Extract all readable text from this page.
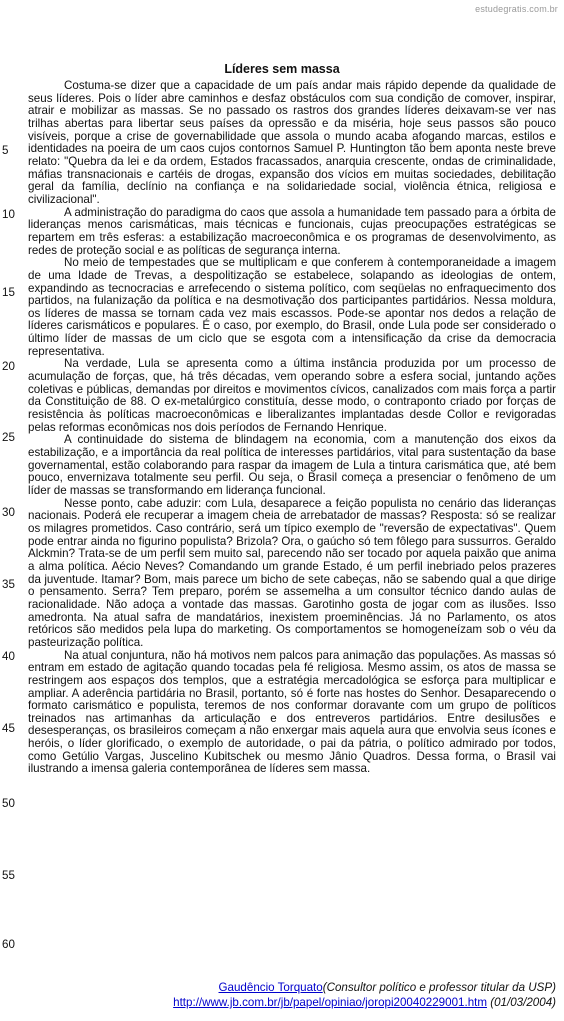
estudegratis.com.br
Líderes sem massa
5
10
15
20
25
30
35
40
45
50
55
60

Costuma-se dizer que a capacidade de um país andar mais rápido depende da qualidade de seus líderes. Pois o líder abre caminhos e desfaz obstáculos com sua condição de comover, inspirar, atrair e mobilizar as massas. Se no passado os rastros dos grandes líderes deixavam-se ver nas trilhas abertas para libertar seus países da opressão e da miséria, hoje seus passos são pouco visíveis, porque a crise de governabilidade que assola o mundo acaba afogando marcas, estilos e identidades na poeira de um caos cujos contornos Samuel P. Huntington tão bem aponta neste breve relato: "Quebra da lei e da ordem, Estados fracassados, anarquia crescente, ondas de criminalidade, máfias transnacionais e cartéis de drogas, expansão dos vícios em muitas sociedades, debilitação geral da família, declínio na confiança e na solidariedade social, violência étnica, religiosa e civilizacional".

A administração do paradigma do caos que assola a humanidade tem passado para a órbita de lideranças menos carismáticas, mais técnicas e funcionais, cujas preocupações estratégicas se repartem em três esferas: a estabilização macroeconômica e os programas de desenvolvimento, as redes de proteção social e as políticas de segurança interna.

No meio de tempestades que se multiplicam e que conferem à contemporaneidade a imagem de uma Idade de Trevas, a despolitização se estabelece, solapando as ideologias de ontem, expandindo as tecnocracias e arrefecendo o sistema político, com seqüelas no enfraquecimento dos partidos, na fulanização da política e na desmotivação dos participantes partidários. Nessa moldura, os líderes de massa se tornam cada vez mais escassos. Pode-se apontar nos dedos a relação de líderes carismáticos e populares. É o caso, por exemplo, do Brasil, onde Lula pode ser considerado o último líder de massas de um ciclo que se esgota com a intensificação da crise da democracia representativa.

Na verdade, Lula se apresenta como a última instância produzida por um processo de acumulação de forças, que, há três décadas, vem operando sobre a esfera social, juntando ações coletivas e públicas, demandas por direitos e movimentos cívicos, canalizados com mais força a partir da Constituição de 88. O ex-metalúrgico constituía, desse modo, o contraponto criado por forças de resistência às políticas macroeconômicas e liberalizantes implantadas desde Collor e revigoradas pelas reformas econômicas nos dois períodos de Fernando Henrique.

A continuidade do sistema de blindagem na economia, com a manutenção dos eixos da estabilização, e a importância da real política de interesses partidários, vital para sustentação da base governamental, estão colaborando para raspar da imagem de Lula a tintura carismática que, até bem pouco, envernizava totalmente seu perfil. Ou seja, o Brasil começa a presenciar o fenômeno de um líder de massas se transformando em liderança funcional.

Nesse ponto, cabe aduzir: com Lula, desaparece a feição populista no cenário das lideranças nacionais. Poderá ele recuperar a imagem cheia de arrebatador de massas? Resposta: só se realizar os milagres prometidos. Caso contrário, será um típico exemplo de "reversão de expectativas". Quem pode entrar ainda no figurino populista? Brizola? Ora, o gaúcho só tem fôlego para sussurros. Geraldo Alckmin? Trata-se de um perfil sem muito sal, parecendo não ser tocado por aquela paixão que anima a alma política. Aécio Neves? Comandando um grande Estado, é um perfil inebriado pelos prazeres da juventude. Itamar? Bom, mais parece um bicho de sete cabeças, não se sabendo qual a que dirige o pensamento. Serra? Tem preparo, porém se assemelha a um consultor técnico dando aulas de racionalidade. Não adoça a vontade das massas. Garotinho gosta de jogar com as ilusões. Isso amedronta. Na atual safra de mandatários, inexistem proeminências. Já no Parlamento, os atos retóricos são medidos pela lupa do marketing. Os comportamentos se homogeneízam sob o véu da pasteurização política.

Na atual conjuntura, não há motivos nem palcos para animação das populações. As massas só entram em estado de agitação quando tocadas pela fé religiosa. Mesmo assim, os atos de massa se restringem aos espaços dos templos, que a estratégia mercadológica se esforça para multiplicar e ampliar. A aderência partidária no Brasil, portanto, só é forte nas hostes do Senhor. Desaparecendo o formato carismático e populista, teremos de nos conformar doravante com um grupo de políticos treinados nas artimanhas da articulação e dos entreveros partidários. Entre desilusões e desesperanças, os brasileiros começam a não enxergar mais aquela aura que envolvia seus ícones e heróis, o líder glorificado, o exemplo de autoridade, o pai da pátria, o político admirado por todos, como Getúlio Vargas, Juscelino Kubitschek ou mesmo Jânio Quadros. Dessa forma, o Brasil vai ilustrando a imensa galeria contemporânea de líderes sem massa.

Gaudêncio Torquato(Consultor político e professor titular da USP)
http://www.jb.com.br/jb/papel/opiniao/joropi20040229001.htm (01/03/2004)
